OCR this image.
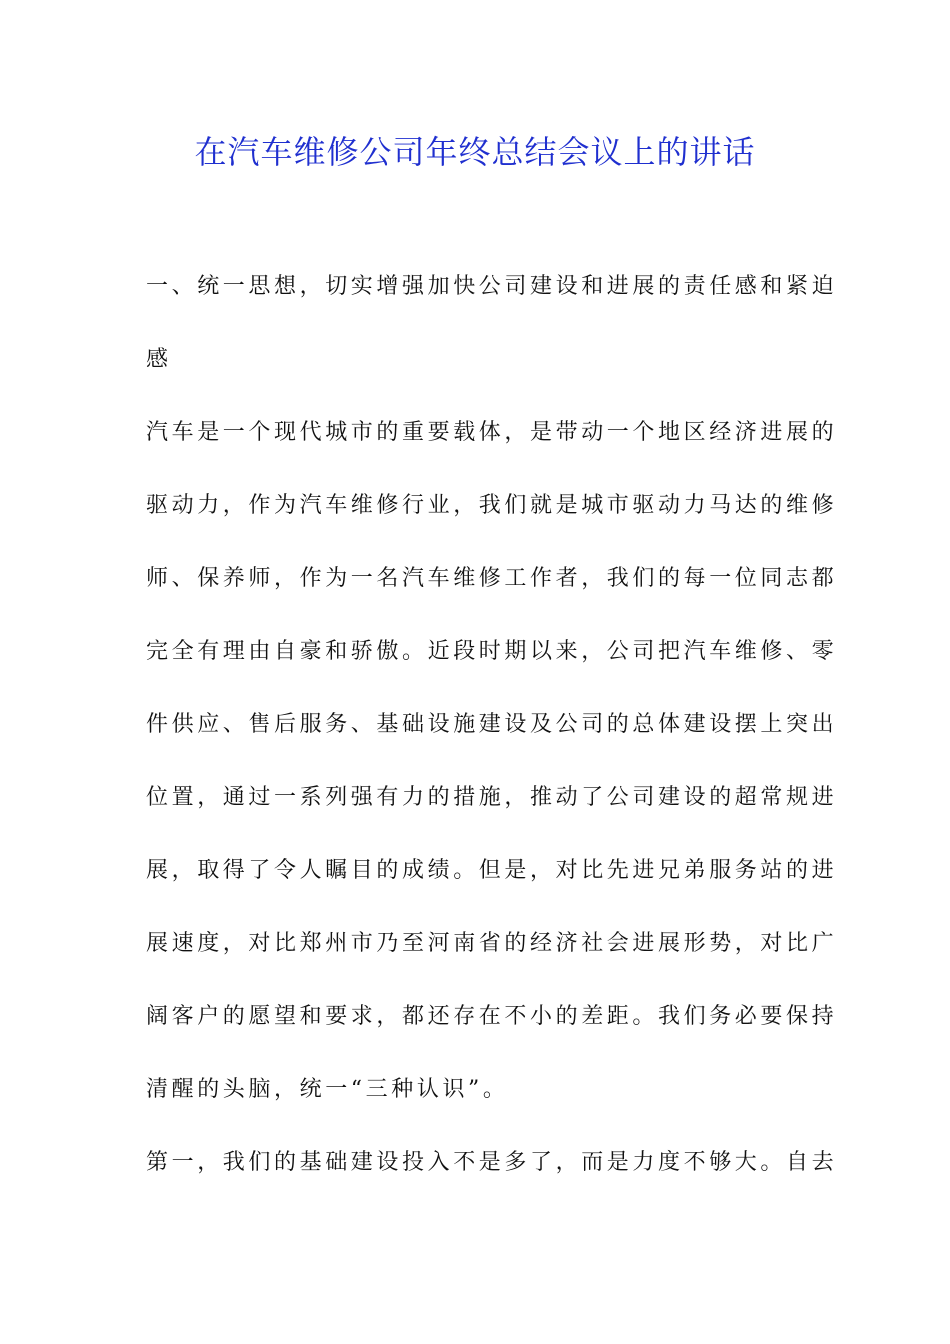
在汽车维修公司年终总结会议上的讲话
一、统一思想，切实增强加快公司建设和进展的责任感和紧迫
感
汽车是一个现代城市的重要载体，是带动一个地区经济进展的
驱动力，作为汽车维修行业，我们就是城市驱动力马达的维修
师、保养师，作为一名汽车维修工作者，我们的每一位同志都
完全有理由自豪和骄傲。近段时期以来，公司把汽车维修、零
件供应、售后服务、基础设施建设及公司的总体建设摆上突出
位置，通过一系列强有力的措施，推动了公司建设的超常规进
展，取得了令人瞩目的成绩。但是，对比先进兄弟服务站的进
展速度，对比郑州市乃至河南省的经济社会进展形势，对比广
阔客户的愿望和要求，都还存在不小的差距。我们务必要保持
清醒的头脑，统一“三种认识”。
第一，我们的基础建设投入不是多了，而是力度不够大。自去
